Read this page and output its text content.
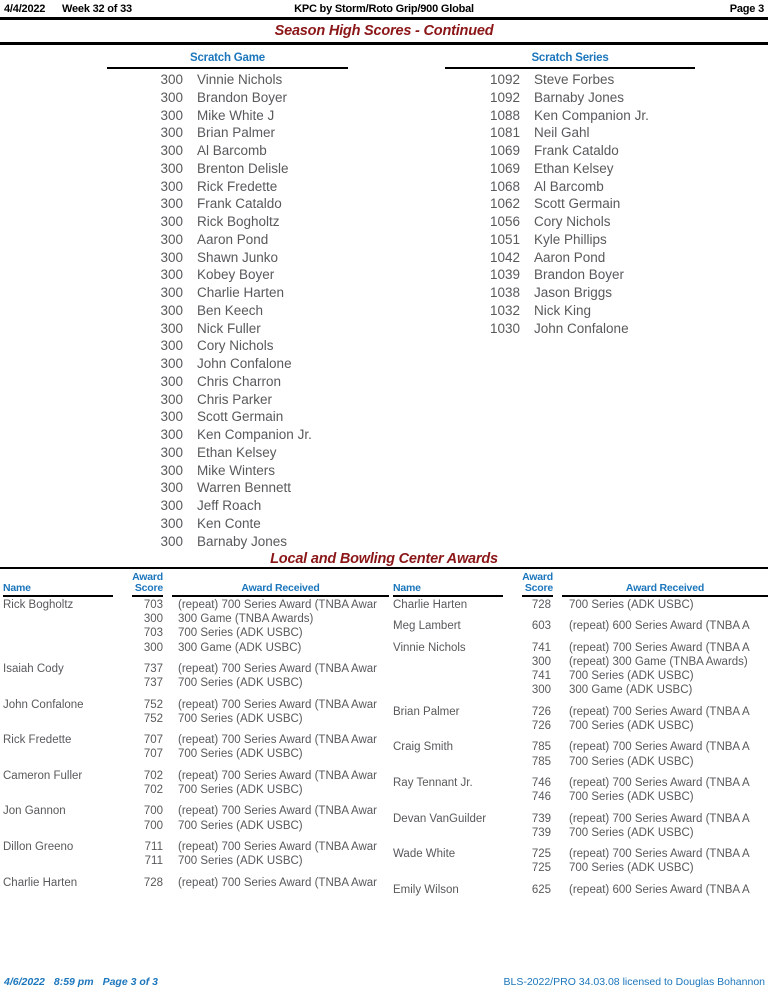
4/4/2022 Week 32 of 33	KPC by Storm/Roto Grip/900 Global	Page 3
Season High Scores - Continued
Scratch Game
300 Vinnie Nichols
300 Brandon Boyer
300 Mike White J
300 Brian Palmer
300 Al Barcomb
300 Brenton Delisle
300 Rick Fredette
300 Frank Cataldo
300 Rick Bogholtz
300 Aaron Pond
300 Shawn Junko
300 Kobey Boyer
300 Charlie Harten
300 Ben Keech
300 Nick Fuller
300 Cory Nichols
300 John Confalone
300 Chris Charron
300 Chris Parker
300 Scott Germain
300 Ken Companion Jr.
300 Ethan Kelsey
300 Mike Winters
300 Warren Bennett
300 Jeff Roach
300 Ken Conte
300 Barnaby Jones
Scratch Series
1092 Steve Forbes
1092 Barnaby Jones
1088 Ken Companion Jr.
1081 Neil Gahl
1069 Frank Cataldo
1069 Ethan Kelsey
1068 Al Barcomb
1062 Scott Germain
1056 Cory Nichols
1051 Kyle Phillips
1042 Aaron Pond
1039 Brandon Boyer
1038 Jason Briggs
1032 Nick King
1030 John Confalone
Local and Bowling Center Awards
Award
Name	Score	Award Received
Rick Bogholtz	703 (repeat) 700 Series Award (TNBA Awar
300 300 Game (TNBA Awards)
703 700 Series (ADK USBC)
300 300 Game (ADK USBC)
Isaiah Cody	737 (repeat) 700 Series Award (TNBA Awar
737 700 Series (ADK USBC)
John Confalone	752 (repeat) 700 Series Award (TNBA Awar
752 700 Series (ADK USBC)
Rick Fredette	707 (repeat) 700 Series Award (TNBA Awar
707 700 Series (ADK USBC)
Cameron Fuller	702 (repeat) 700 Series Award (TNBA Awar
702 700 Series (ADK USBC)
Jon Gannon	700 (repeat) 700 Series Award (TNBA Awar
700 700 Series (ADK USBC)
Dillon Greeno	711 (repeat) 700 Series Award (TNBA Awar
711 700 Series (ADK USBC)
Charlie Harten	728 (repeat) 700 Series Award (TNBA Awar
Award
Name	Score	Award Received
Charlie Harten	728 700 Series (ADK USBC)
Meg Lambert	603 (repeat) 600 Series Award (TNBA A
Vinnie Nichols	741 (repeat) 700 Series Award (TNBA A
300 (repeat) 300 Game (TNBA Awards)
741 700 Series (ADK USBC)
300 300 Game (ADK USBC)
Brian Palmer	726 (repeat) 700 Series Award (TNBA A
726 700 Series (ADK USBC)
Craig Smith	785 (repeat) 700 Series Award (TNBA A
785 700 Series (ADK USBC)
Ray Tennant Jr.	746 (repeat) 700 Series Award (TNBA A
746 700 Series (ADK USBC)
Devan VanGuilder	739 (repeat) 700 Series Award (TNBA A
739 700 Series (ADK USBC)
Wade White	725 (repeat) 700 Series Award (TNBA A
725 700 Series (ADK USBC)
Emily Wilson	625 (repeat) 600 Series Award (TNBA A
4/6/2022 8:59 pm Page 3 of 3	BLS-2022/PRO 34.03.08 licensed to Douglas Bohannon
